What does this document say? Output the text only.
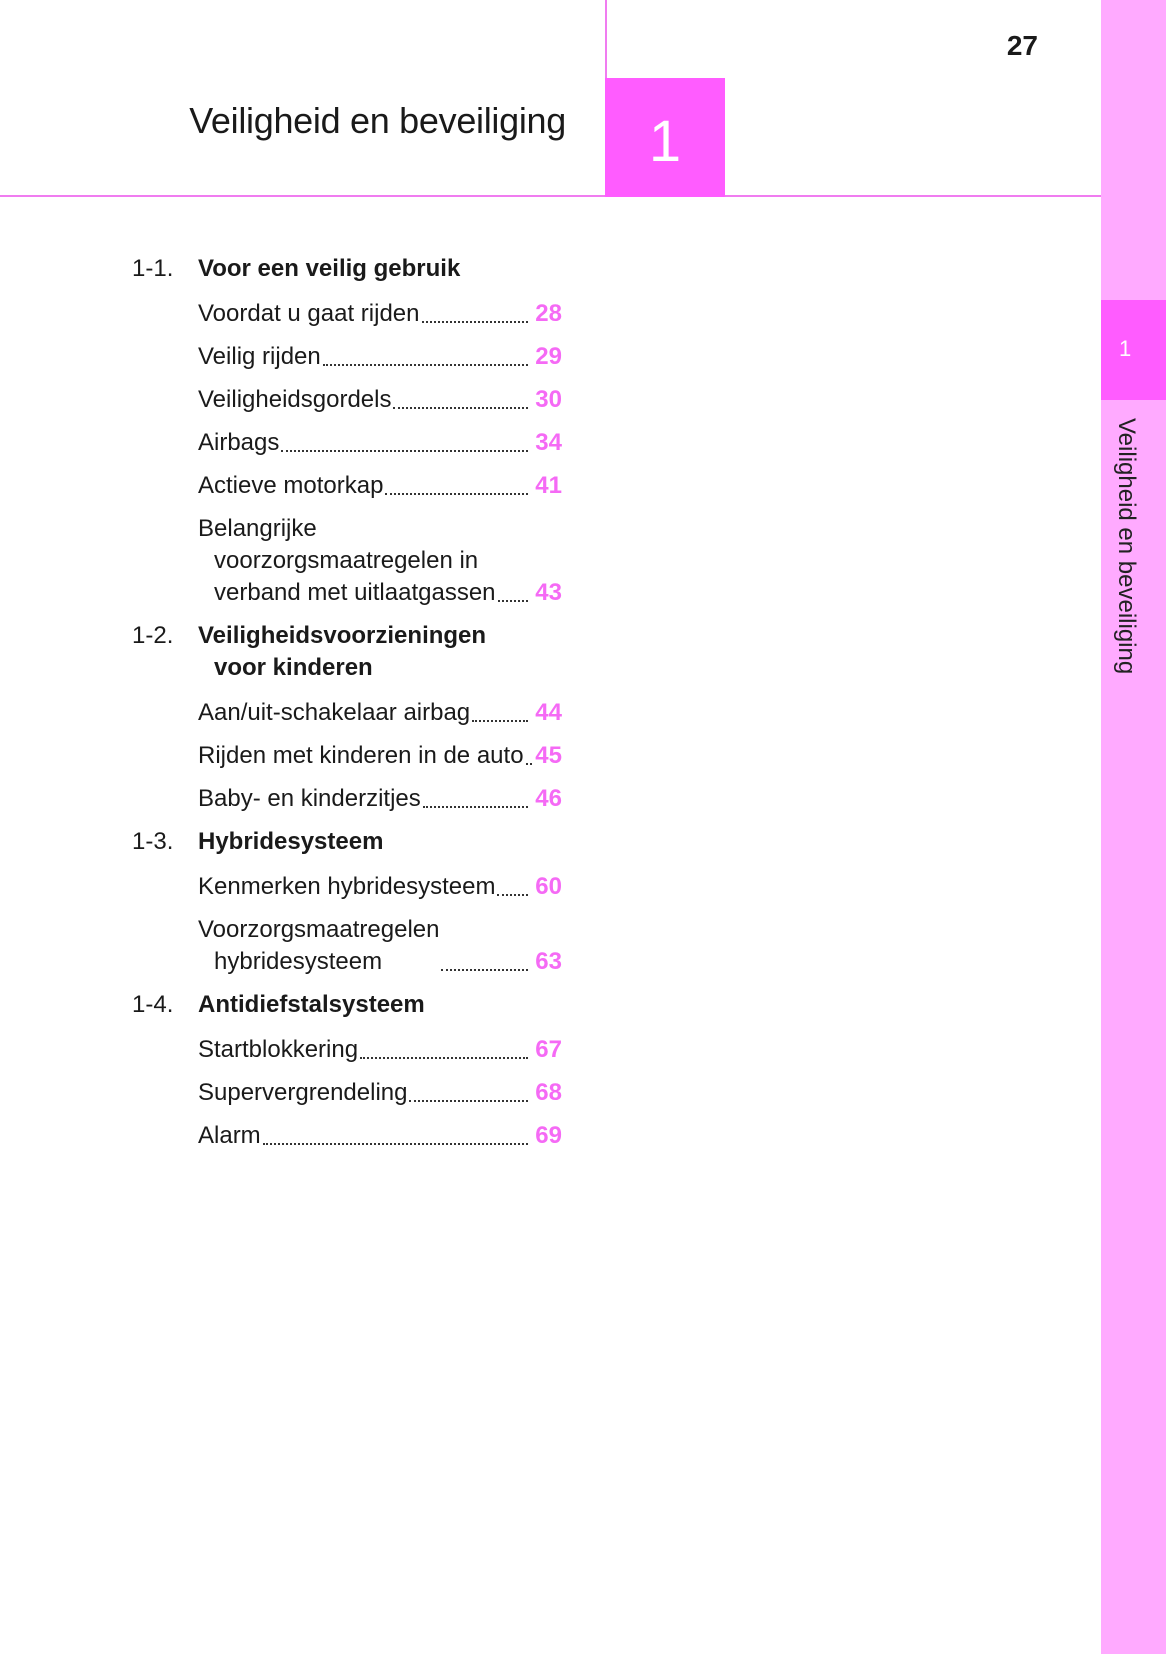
27
Veiligheid en beveiliging 1
1
Veiligheid en beveiliging
1-1.	Voor een veilig gebruik
Voordat u gaat rijden	28
Veilig rijden	29
Veiligheidsgordels	30
Airbags	34
Actieve motorkap	41
Belangrijke
voorzorgsmaatregelen in
verband met uitlaatgassen 43
1-2.	Veiligheidsvoorzieningen
voor kinderen
Aan/uit-schakelaar airbag	44
Rijden met kinderen in de auto 45
Baby- en kinderzitjes	46
1-3.	Hybridesysteem
Kenmerken hybridesysteem 60
Voorzorgsmaatregelen
hybridesysteem	63
1-4.	Antidiefstalsysteem
Startblokkering	67
Supervergrendeling	68
Alarm	69
